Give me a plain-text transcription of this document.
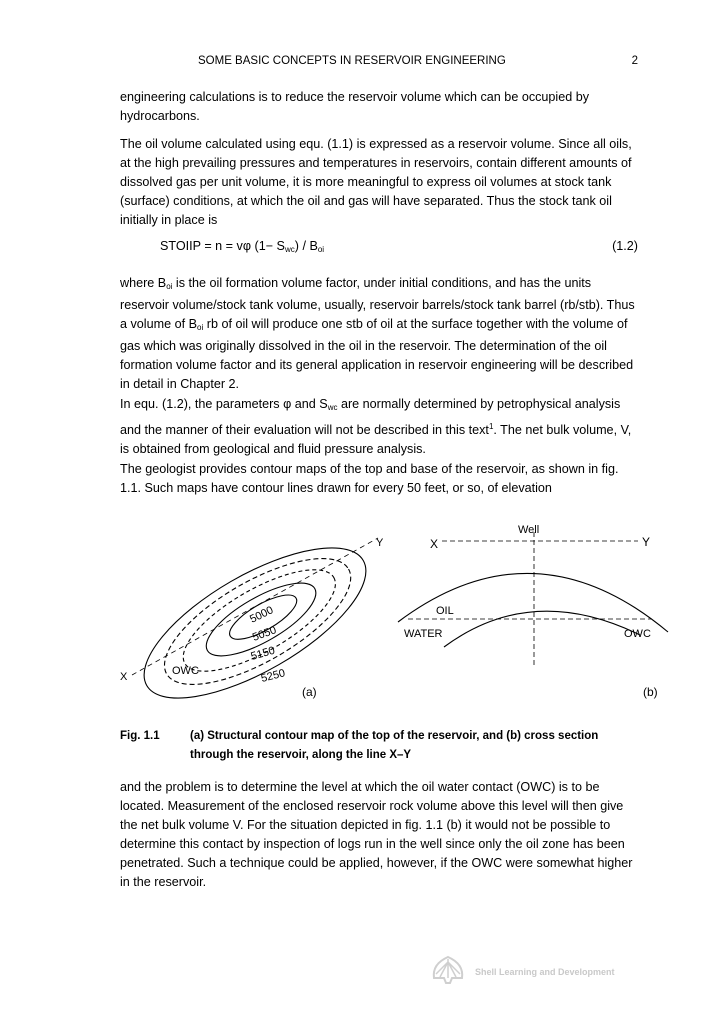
SOME BASIC CONCEPTS IN RESERVOIR ENGINEERING	2

engineering calculations is to reduce the reservoir volume which can be occupied by hydrocarbons.

The oil volume calculated using equ. (1.1) is expressed as a reservoir volume. Since all oils, at the high prevailing pressures and temperatures in reservoirs, contain different amounts of dissolved gas per unit volume, it is more meaningful to express oil volumes at stock tank (surface) conditions, at which the oil and gas will have separated. Thus the stock tank oil initially in place is

STOIIP = n = vφ $(1- S_{wc}) / B_{oi}$	(1.2)

where $B_{oi}$ is the oil formation volume factor, under initial conditions, and has the units reservoir volume/stock tank volume, usually, reservoir barrels/stock tank barrel (rb/stb). Thus a volume of $B_{oi}$ rb of oil will produce one stb of oil at the surface together with the volume of gas which was originally dissolved in the oil in the reservoir. The determination of the oil formation volume factor and its general application in reservoir engineering will be described in detail in Chapter 2.

In equ. (1.2), the parameters φ and $S_{wc}$ are normally determined by petrophysical analysis and the manner of their evaluation will not be described in this text$^1$. The net bulk volume, V, is obtained from geological and fluid pressure analysis.

The geologist provides contour maps of the top and base of the reservoir, as shown in fig. 1.1. Such maps have contour lines drawn for every 50 feet, or so, of elevation

5000
5050
5150
5250
OWC
X
Y
(a)
Well
X	Y
OIL
WATER	OWC
(b)
Fig. 1.1	(a) Structural contour map of the top of the reservoir, and (b) cross section through the reservoir, along the line X–Y

and the problem is to determine the level at which the oil water contact (OWC) is to be located. Measurement of the enclosed reservoir rock volume above this level will then give the net bulk volume V. For the situation depicted in fig. 1.1 (b) it would not be possible to determine this contact by inspection of logs run in the well since only the oil zone has been penetrated. Such a technique could be applied, however, if the OWC were somewhat higher in the reservoir.

Shell Learning and Development
